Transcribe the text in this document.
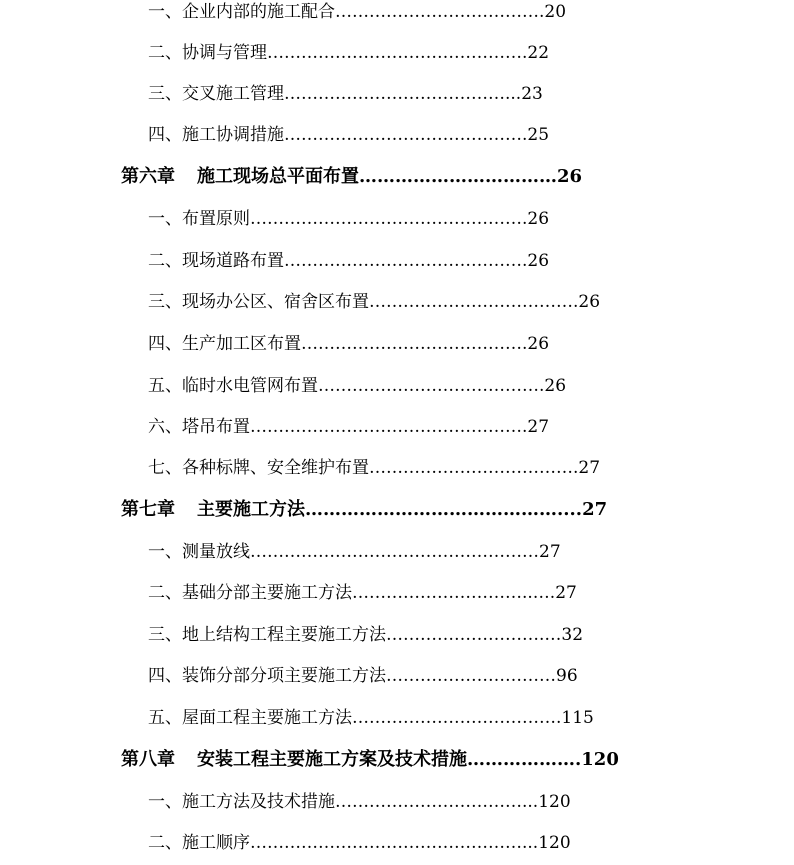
一、企业内部的施工配合……………………………….20
二、协调与管理……………………………………….22
三、交叉施工管理…………………………………...23
四、施工协调措施…………………………………….25
第六章 施工现场总平面布置……………………………26
一、布置原则………………………………………….26
二、现场道路布置…………………………………….26
三、现场办公区、宿舍区布置……………………………….26
四、生产加工区布置………………………………….26
五、临时水电管网布置………………………………….26
六、塔吊布置………………………………………….27
七、各种标牌、安全维护布置……………………………….27
第七章 主要施工方法……………………………………....27
一、测量放线……………………………………………27
二、基础分部主要施工方法…………………………..….27
三、地上结构工程主要施工方法……………………….…32
四、装饰分部分项主要施工方法…………………………96
五、屋面工程主要施工方法……………………………….115
第八章 安装工程主要施工方案及技术措施……………….120
一、施工方法及技术措施……………………………...120
二、施工顺序…………………………………………...120
